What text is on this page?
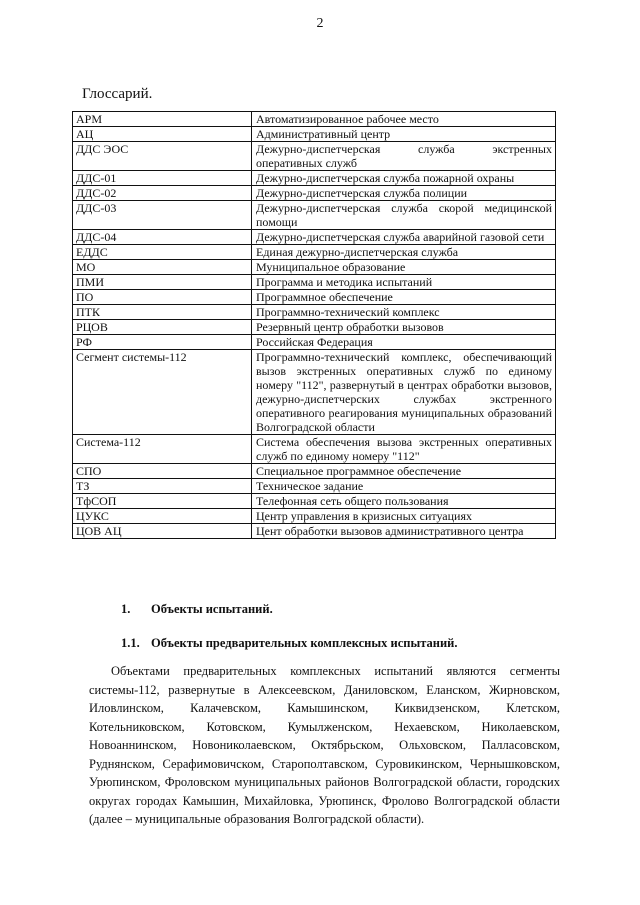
2
Глоссарий.
АРМ	Автоматизированное рабочее место
АЦ	Административный центр
ДДС ЭОС	Дежурно-диспетчерская служба экстренных оперативных служб
ДДС-01	Дежурно-диспетчерская служба пожарной охраны
ДДС-02	Дежурно-диспетчерская служба полиции
ДДС-03	Дежурно-диспетчерская служба скорой медицинской помощи
ДДС-04	Дежурно-диспетчерская служба аварийной газовой сети
ЕДДС	Единая дежурно-диспетчерская служба
МО	Муниципальное образование
ПМИ	Программа и методика испытаний
ПО	Программное обеспечение
ПТК	Программно-технический комплекс
РЦОВ	Резервный центр обработки вызовов
РФ	Российская Федерация
Сегмент системы-112	Программно-технический комплекс, обеспечивающий вызов экстренных оперативных служб по единому номеру "112", развернутый в центрах обработки вызовов, дежурно-диспетчерских службах экстренного оперативного реагирования муниципальных образований Волгоградской области
Система-112	Система обеспечения вызова экстренных оперативных служб по единому номеру "112"
СПО	Специальное программное обеспечение
ТЗ	Техническое задание
ТфСОП	Телефонная сеть общего пользования
ЦУКС	Центр управления в кризисных ситуациях
ЦОВ АЦ	Цент обработки вызовов административного центра
1. Объекты испытаний.
1.1. Объекты предварительных комплексных испытаний.

Объектами предварительных комплексных испытаний являются сегменты системы-112, развернутые в Алексеевском, Даниловском, Еланском, Жирновском, Иловлинском, Калачевском, Камышинском, Киквидзенском, Клетском, Котельниковском, Котовском, Кумылженском, Нехаевском, Николаевском, Новоаннинском, Новониколаевском, Октябрьском, Ольховском, Палласовском, Руднянском, Серафимовичском, Старополтавском, Суровикинском, Чернышковском, Урюпинском, Фроловском муниципальных районов Волгоградской области, городских округах городах Камышин, Михайловка, Урюпинск, Фролово Волгоградской области (далее – муниципальные образования Волгоградской области).
